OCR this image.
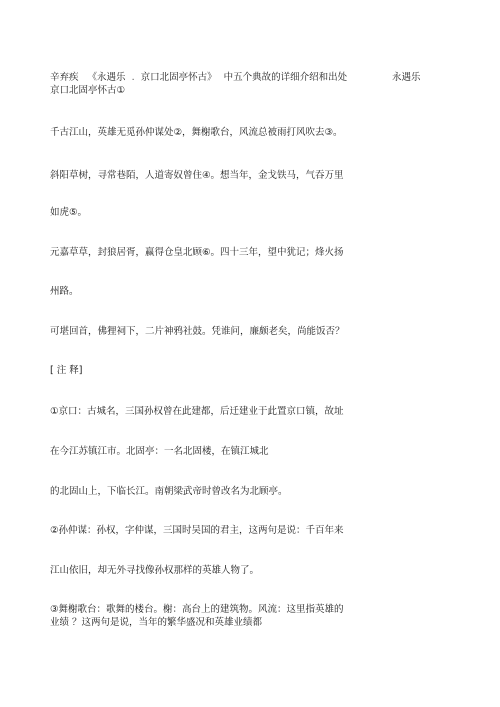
辛弃疾 《永遇乐 . 京口北固亭怀古》 中五个典故的详细介绍和出处	永遇乐
京口北固亭怀古①
千古江山，英雄无觅孙仲谋处②，舞榭歌台，风流总被雨打风吹去③。
斜阳草树，寻常巷陌，人道寄奴曾住④。想当年，金戈铁马，气吞万里
如虎⑤。
元嘉草草，封狼居胥，赢得仓皇北顾⑥。四十三年，望中犹记；烽火扬
州路。
可堪回首，佛狸祠下，二片神鸦社鼓。凭谁问，廉颇老矣，尚能饭否？
[ 注 释]
①京口：古城名，三国孙权曾在此建都，后迁建业于此置京口镇，故址
在今江苏镇江市。北固亭：一名北固楼，在镇江城北
的北固山上，下临长江。南朝梁武帝时曾改名为北顾亭。
②孙仲谋：孙权，字仲谋，三国时吴国的君主，这两句是说：千百年来
江山依旧，却无外寻找像孙权那样的英雄人物了。
③舞榭歌台：歌舞的楼台。榭：高台上的建筑物。风流：这里指英雄的
业绩 ？这两句是说，当年的繁华盛况和英雄业绩都
